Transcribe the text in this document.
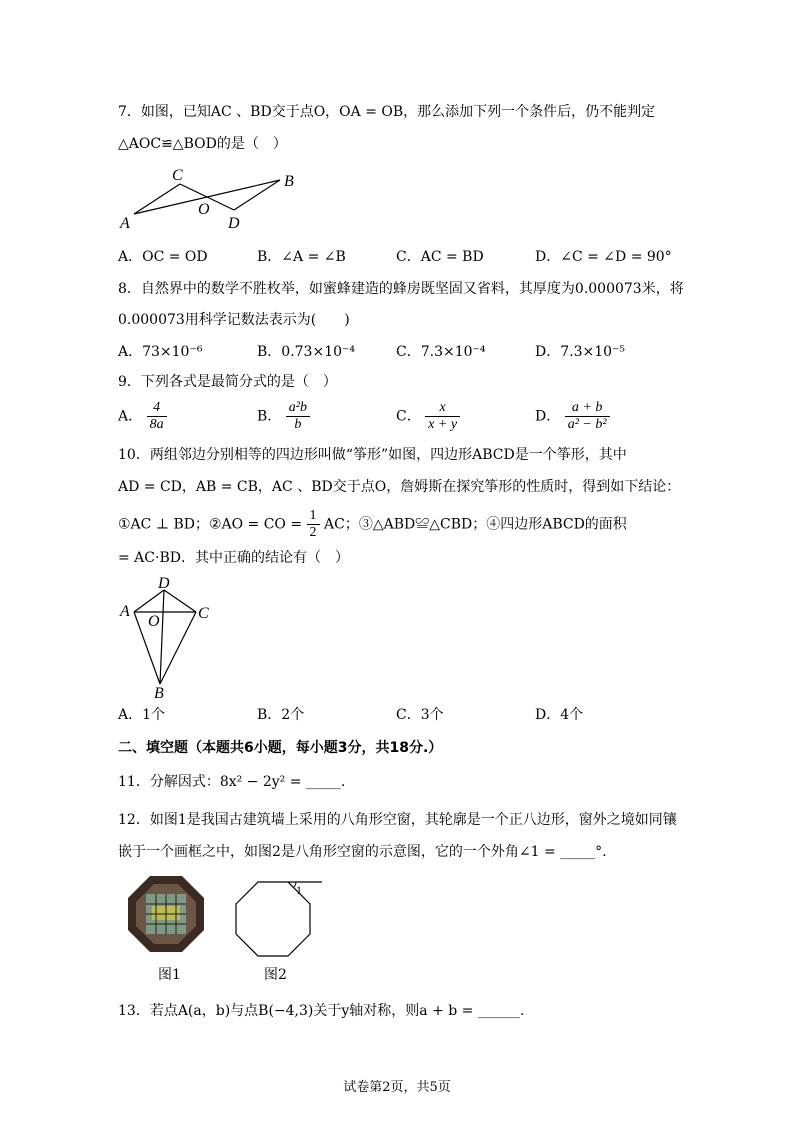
7．如图，已知AC 、BD交于点O，OA = OB，那么添加下列一个条件后，仍不能判定
△AOC≌△BOD的是（　）
A
C
O
D
B
A．OC = OD	B．∠A = ∠B	C．AC = BD	D．∠C = ∠D = 90°
8．自然界中的数学不胜枚举，如蜜蜂建造的蜂房既坚固又省料，其厚度为0.000073米，将
0.000073用科学记数法表示为(　　)
A．73×10⁻⁶	B．0.73×10⁻⁴	C．7.3×10⁻⁴	D．7.3×10⁻⁵
9．下列各式是最简分式的是（　）
A． $\frac{4}{8a}$	B． $\frac{\text{a²b}}{b}$	C． $\frac{x}{x + y}$	D． $\frac{a + b}{\text{a² − b²}}$
10．两组邻边分别相等的四边形叫做“筝形”如图，四边形ABCD是一个筝形，其中
AD = CD，AB = CB，AC 、BD交于点O，詹姆斯在探究筝形的性质时，得到如下结论：
①AC ⊥ BD；②AO = CO = $\frac{1}{2}$ AC；③△ABD≌△CBD；④四边形ABCD的面积
= AC·BD．其中正确的结论有（　）
D
A	C
O
B
A．1个	B．2个	C．3个	D．4个
二、填空题（本题共6小题，每小题3分，共18分.）
11．分解因式：8x² − 2y² = _____.
12．如图1是我国古建筑墙上采用的八角形空窗，其轮廓是一个正八边形，窗外之境如同镶
嵌于一个画框之中，如图2是八角形空窗的示意图，它的一个外角∠1 = _____°.
图1
1
图2
13．若点A(a，b)与点B(−4,3)关于y轴对称，则a + b = ______.
试卷第2页，共5页
